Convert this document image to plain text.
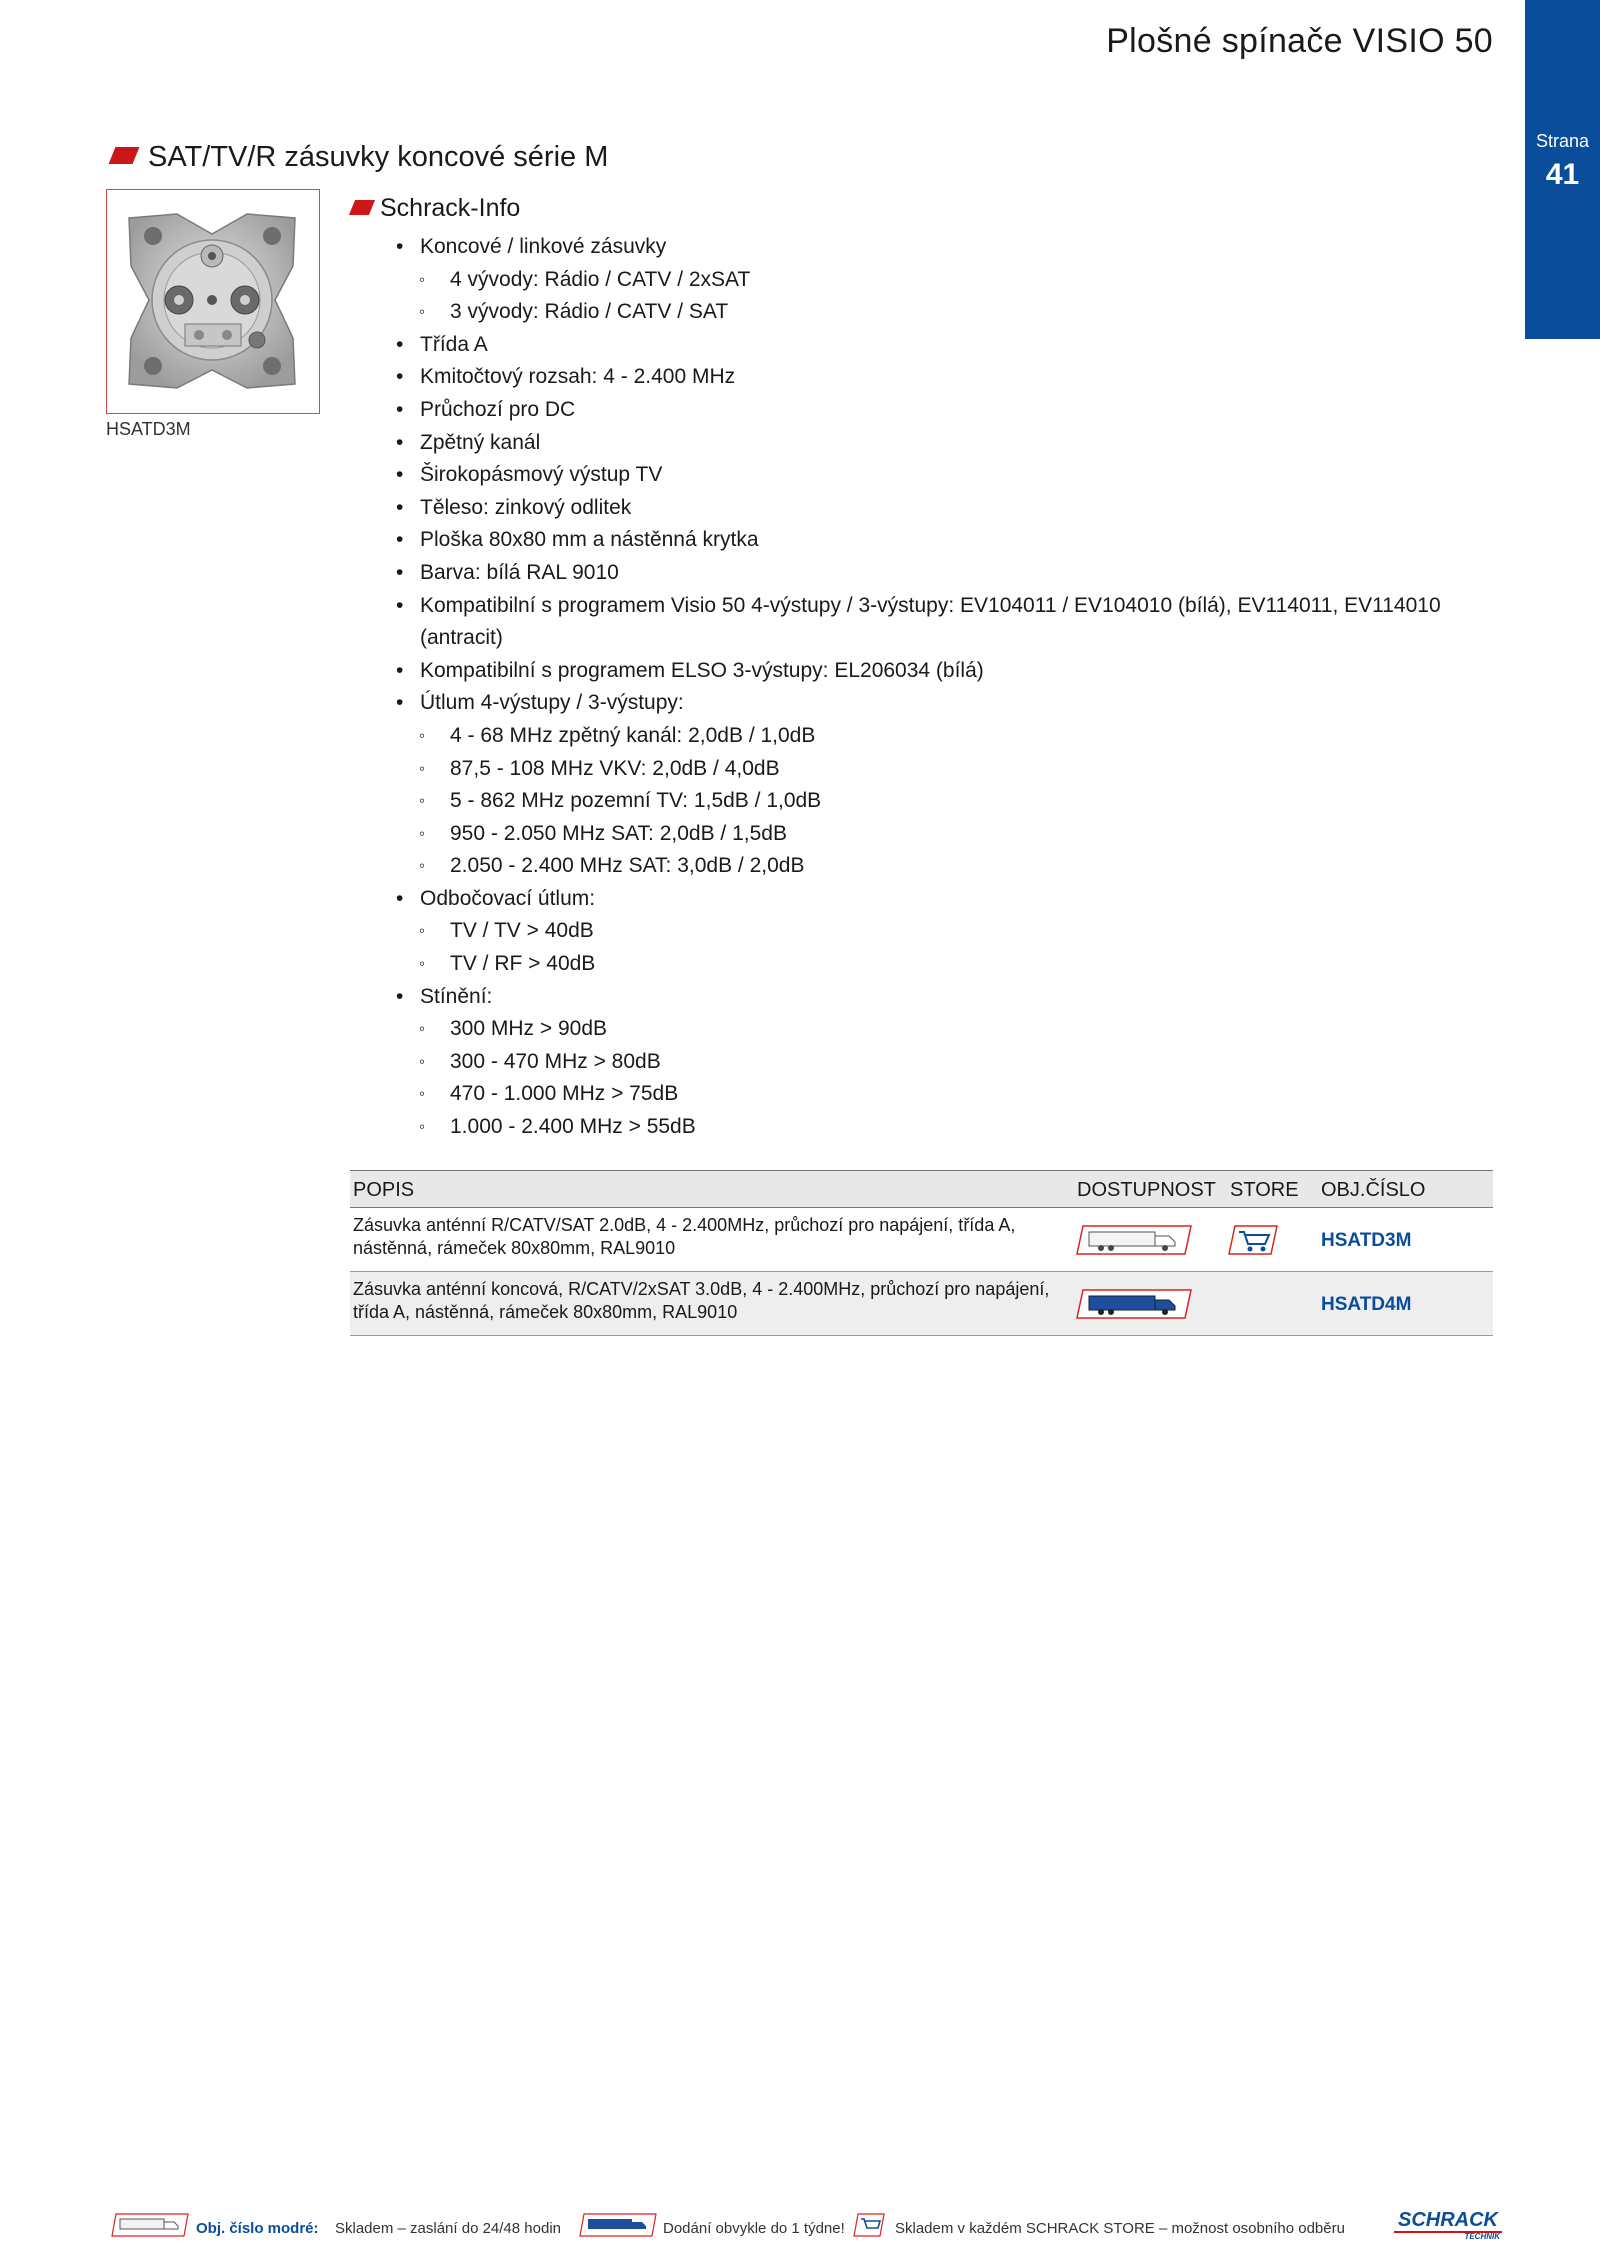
Plošné spínače VISIO 50
Strana
41
SAT/TV/R zásuvky koncové série M
HSATD3M
Schrack-Info
• Koncové / linkové zásuvky
◦ 4 vývody: Rádio / CATV / 2xSAT
◦ 3 vývody: Rádio / CATV / SAT
• Třída A
• Kmitočtový rozsah: 4 - 2.400 MHz
• Průchozí pro DC
• Zpětný kanál
• Širokopásmový výstup TV
• Těleso: zinkový odlitek
• Ploška 80x80 mm a nástěnná krytka
• Barva: bílá RAL 9010
• Kompatibilní s programem Visio 50 4-výstupy / 3-výstupy: EV104011 / EV104010 (bílá), EV114011, EV114010 (antracit)
• Kompatibilní s programem ELSO 3-výstupy: EL206034 (bílá)
• Útlum 4-výstupy / 3-výstupy:
◦ 4 - 68 MHz zpětný kanál: 2,0dB / 1,0dB
◦ 87,5 - 108 MHz VKV: 2,0dB / 4,0dB
◦ 5 - 862 MHz pozemní TV: 1,5dB / 1,0dB
◦ 950 - 2.050 MHz SAT: 2,0dB / 1,5dB
◦ 2.050 - 2.400 MHz SAT: 3,0dB / 2,0dB
• Odbočovací útlum:
◦ TV / TV > 40dB
◦ TV / RF > 40dB
• Stínění:
◦ 300 MHz > 90dB
◦ 300 - 470 MHz > 80dB
◦ 470 - 1.000 MHz > 75dB
◦ 1.000 - 2.400 MHz > 55dB
POPIS	DOSTUPNOST STORE OBJ.ČÍSLO
Zásuvka anténní R/CATV/SAT 2.0dB, 4 - 2.400MHz, průchozí pro napájení, třída A, nástěnná, rámeček 80x80mm, RAL9010	HSATD3M
Zásuvka anténní koncová, R/CATV/2xSAT 3.0dB, 4 - 2.400MHz, průchozí pro napájení, třída A, nástěnná, rámeček 80x80mm, RAL9010	HSATD4M
Obj. číslo modré: Skladem – zaslání do 24/48 hodin	Dodání obvykle do 1 týdne!	Skladem v každém SCHRACK STORE – možnost osobního odběru	SCHRACK
TECHNIK
